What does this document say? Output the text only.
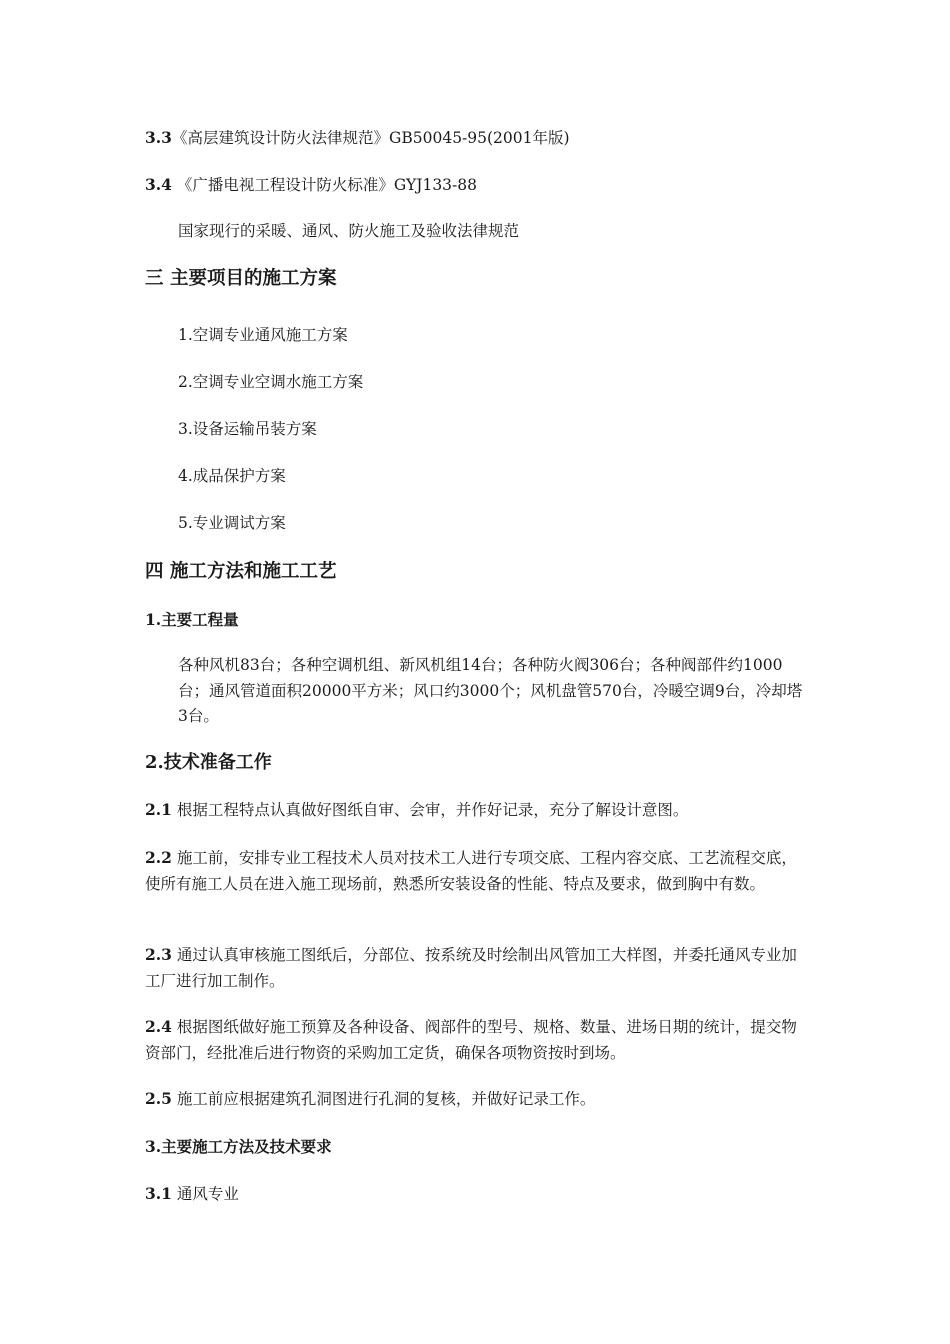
3.3《高层建筑设计防火法律规范》GB50045-95(2001年版)
3.4 《广播电视工程设计防火标准》GYJ133-88
国家现行的采暖、通风、防火施工及验收法律规范
三 主要项目的施工方案
1.空调专业通风施工方案
2.空调专业空调水施工方案
3.设备运输吊装方案
4.成品保护方案
5.专业调试方案
四 施工方法和施工工艺
1.主要工程量
各种风机83台；各种空调机组、新风机组14台；各种防火阀306台；各种阀部件约1000台；通风管道面积20000平方米；风口约3000个；风机盘管570台，冷暖空调9台，冷却塔3台。
2.技术准备工作
2.1 根据工程特点认真做好图纸自审、会审，并作好记录，充分了解设计意图。
2.2 施工前，安排专业工程技术人员对技术工人进行专项交底、工程内容交底、工艺流程交底，使所有施工人员在进入施工现场前，熟悉所安装设备的性能、特点及要求，做到胸中有数。
2.3 通过认真审核施工图纸后，分部位、按系统及时绘制出风管加工大样图，并委托通风专业加工厂进行加工制作。
2.4 根据图纸做好施工预算及各种设备、阀部件的型号、规格、数量、进场日期的统计，提交物资部门，经批准后进行物资的采购加工定货，确保各项物资按时到场。
2.5 施工前应根据建筑孔洞图进行孔洞的复核，并做好记录工作。
3.主要施工方法及技术要求
3.1 通风专业
